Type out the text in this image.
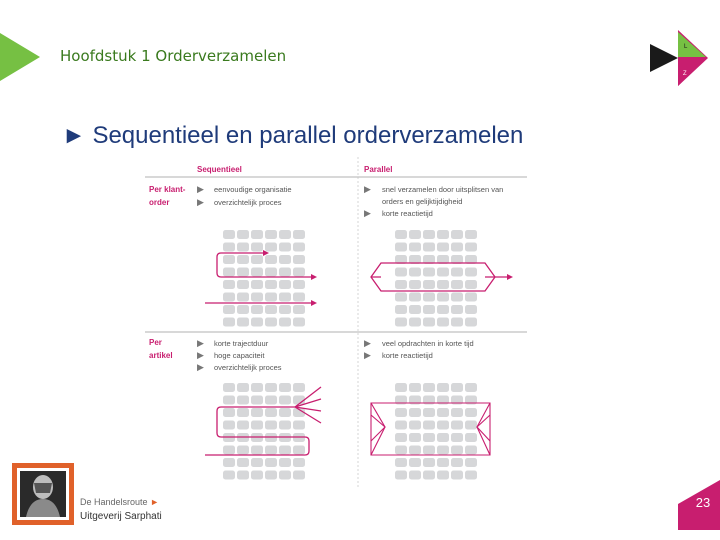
L
Z
Hoofdstuk 1 Orderverzamelen
► Sequentieel en parallel orderverzamelen
Sequentieel	Parallel
Per klant-
order
▶ eenvoudige organisatie
▶ overzichtelijk proces
▶ snel verzamelen door uitsplitsen van
orders en gelijktijdigheid
▶ korte reactietijd
Per
artikel
▶ korte trajectduur
▶ hoge capaciteit
▶ overzichtelijk proces
▶ veel opdrachten in korte tijd
▶ korte reactietijd
23
De Handelsroute ►
Uitgeverij Sarphati
